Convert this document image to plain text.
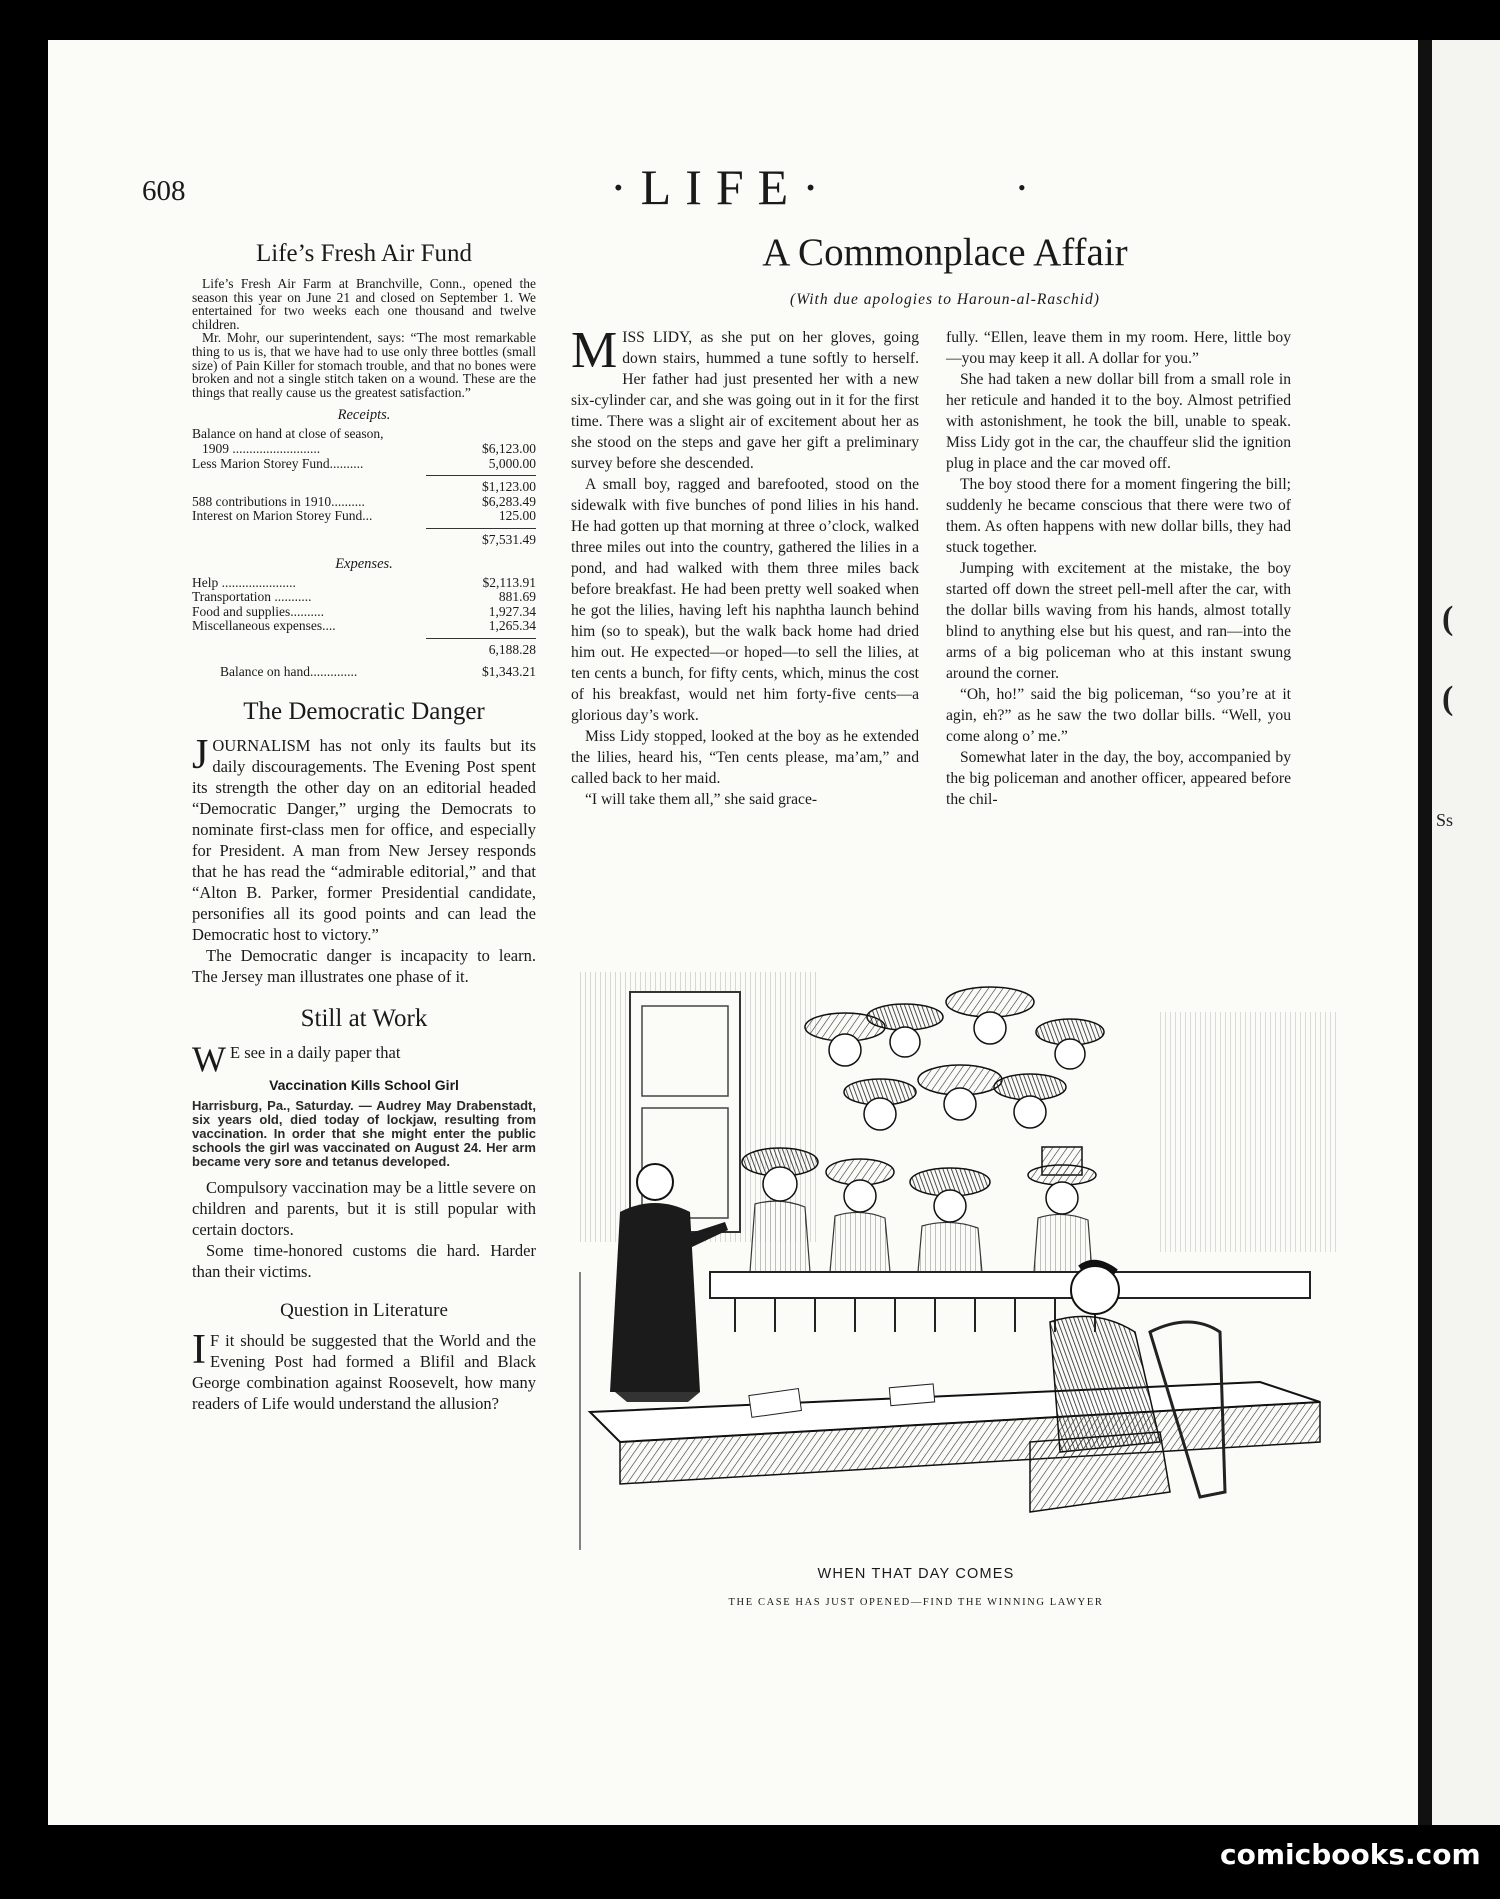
(
(
Ss
608	·LIFE·	•
Life’s Fresh Air Fund

Life’s Fresh Air Farm at Branchville, Conn., opened the season this year on June 21 and closed on September 1. We entertained for two weeks each one thousand and twelve children.

Mr. Mohr, our superintendent, says: “The most remarkable thing to us is, that we have had to use only three bottles (small size) of Pain Killer for stomach trouble, and that no bones were broken and not a single stitch taken on a wound. These are the things that really cause us the greatest satisfaction.”

Receipts.
Balance on hand at close of season,
1909 ..........................	$6,123.00
Less Marion Storey Fund..........	5,000.00
$1,123.00
588 contributions in 1910..........	$6,283.49
Interest on Marion Storey Fund...	125.00
$7,531.49
Expenses.
Help ......................	$2,113.91
Transportation ...........	881.69
Food and supplies..........	1,927.34
Miscellaneous expenses....	1,265.34
6,188.28
Balance on hand..............	$1,343.21
The Democratic Danger

JOURNALISM has not only its faults but its daily discouragements. The Evening Post spent its strength the other day on an editorial headed “Democratic Danger,” urging the Democrats to nominate first-class men for office, and especially for President. A man from New Jersey responds that he has read the “admirable editorial,” and that “Alton B. Parker, former Presidential candidate, personifies all its good points and can lead the Democratic host to victory.”

The Democratic danger is incapacity to learn. The Jersey man illustrates one phase of it.

Still at Work

W E see in a daily paper that

Vaccination Kills School Girl

Harrisburg, Pa., Saturday. — Audrey May Drabenstadt, six years old, died today of lockjaw, resulting from vaccination. In order that she might enter the public schools the girl was vaccinated on August 24. Her arm became very sore and tetanus developed.

Compulsory vaccination may be a little severe on children and parents, but it is still popular with certain doctors.

Some time-honored customs die hard. Harder than their victims.

Question in Literature

I F it should be suggested that the World and the Evening Post had formed a Blifil and Black George combination against Roosevelt, how many readers of Life would understand the allusion?

A Commonplace Affair
(With due apologies to Haroun-al-Raschid)

MISS LIDY, as she put on her gloves, going down stairs, hummed a tune softly to herself. Her father had just presented her with a new six-cylinder car, and she was going out in it for the first time. There was a slight air of excitement about her as she stood on the steps and gave her gift a preliminary survey before she descended.

A small boy, ragged and barefooted, stood on the sidewalk with five bunches of pond lilies in his hand. He had gotten up that morning at three o’clock, walked three miles out into the country, gathered the lilies in a pond, and had walked with them three miles back before breakfast. He had been pretty well soaked when he got the lilies, having left his naphtha launch behind him (so to speak), but the walk back home had dried him out. He expected—or hoped—to sell the lilies, at ten cents a bunch, for fifty cents, which, minus the cost of his breakfast, would net him forty-five cents—a glorious day’s work.

Miss Lidy stopped, looked at the boy as he extended the lilies, heard his, “Ten cents please, ma’am,” and called back to her maid.

“I will take them all,” she said grace-

fully. “Ellen, leave them in my room. Here, little boy—you may keep it all. A dollar for you.”

She had taken a new dollar bill from a small role in her reticule and handed it to the boy. Almost petrified with astonishment, he took the bill, unable to speak. Miss Lidy got in the car, the chauffeur slid the ignition plug in place and the car moved off.

The boy stood there for a moment fingering the bill; suddenly he became conscious that there were two of them. As often happens with new dollar bills, they had stuck together.

Jumping with excitement at the mistake, the boy started off down the street pell-mell after the car, with the dollar bills waving from his hands, almost totally blind to anything else but his quest, and ran—into the arms of a big policeman who at this instant swung around the corner.

“Oh, ho!” said the big policeman, “so you’re at it agin, eh?” as he saw the two dollar bills. “Well, you come along o’ me.”

Somewhat later in the day, the boy, accompanied by the big policeman and another officer, appeared before the chil-

WHEN THAT DAY COMES
THE CASE HAS JUST OPENED—FIND THE WINNING LAWYER
comicbooks.com
